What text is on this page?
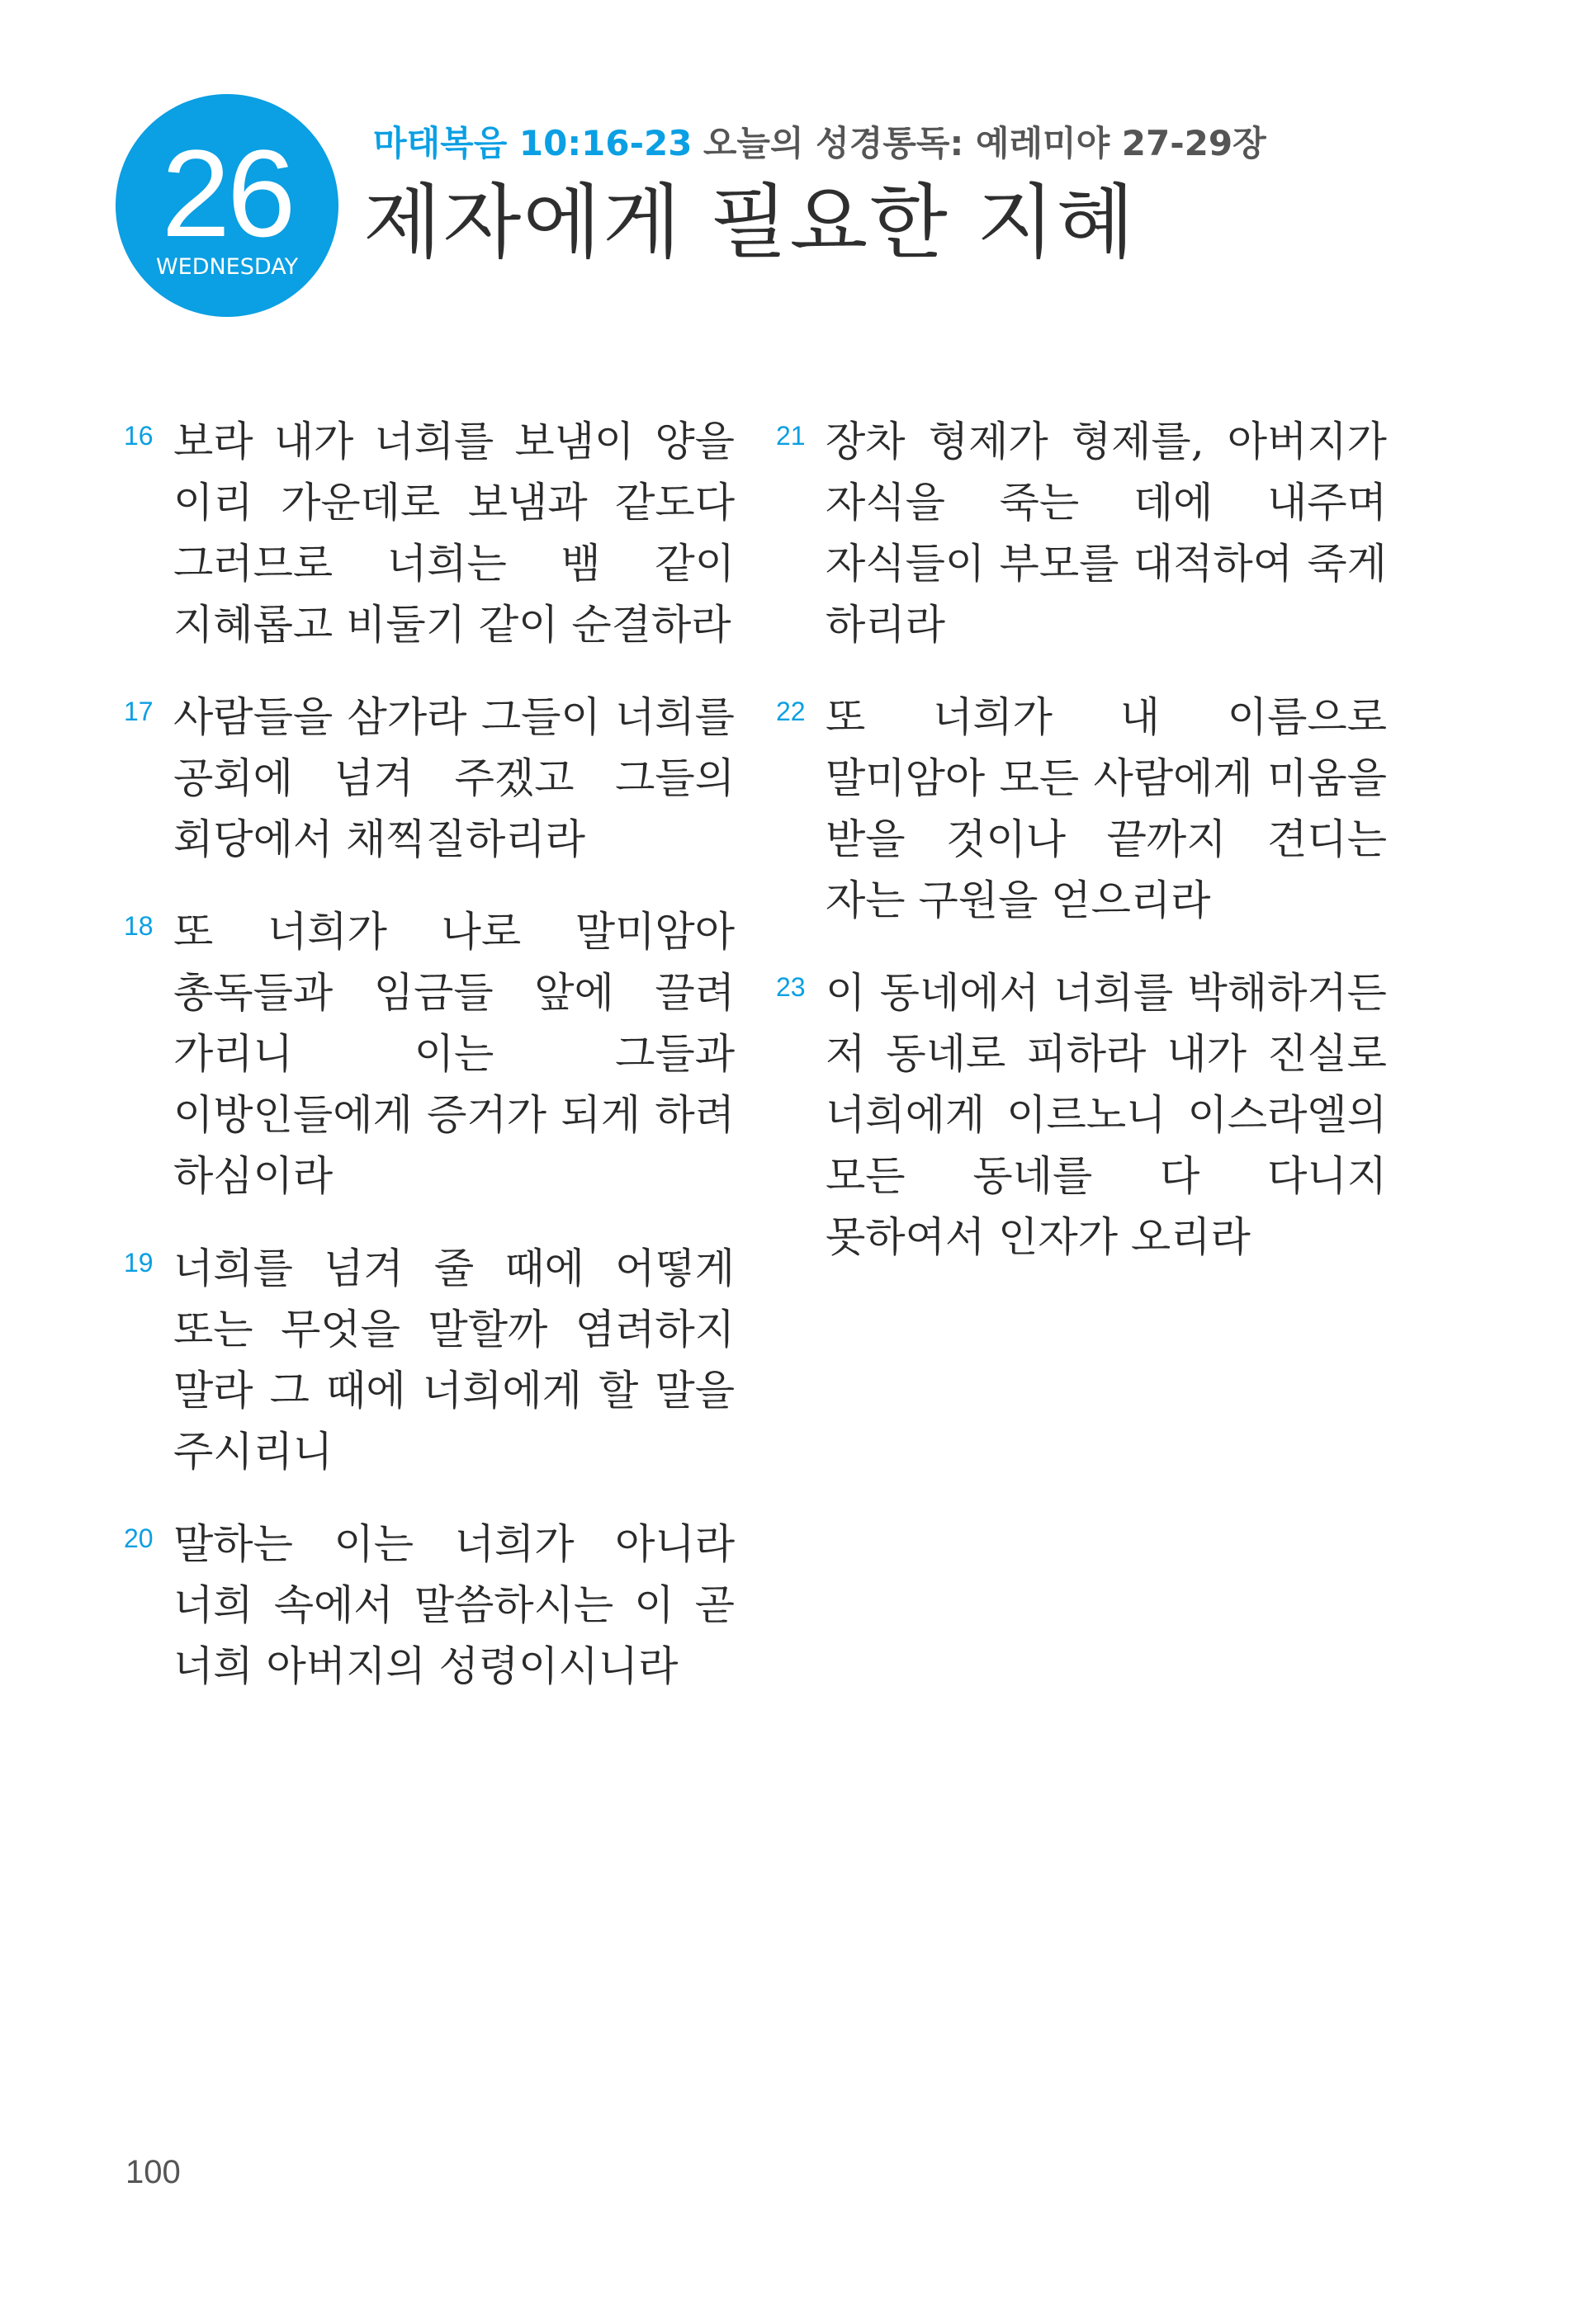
26
WEDNESDAY
마태복음 10:16-23 오늘의 성경통독: 예레미야 27-29장
제자에게 필요한 지혜
16 보라 내가 너희를 보냄이 양을 이리 가운데로 보냄과 같도다 그러므로 너희는 뱀 같이 지혜롭고 비둘기 같이 순결하라
17 사람들을 삼가라 그들이 너희를 공회에 넘겨 주겠고 그들의 회당에서 채찍질하리라
18 또 너희가 나로 말미암아 총독들과 임금들 앞에 끌려 가리니 이는 그들과 이방인들에게 증거가 되게 하려 하심이라
19 너희를 넘겨 줄 때에 어떻게 또는 무엇을 말할까 염려하지 말라 그 때에 너희에게 할 말을 주시리니
20 말하는 이는 너희가 아니라 너희 속에서 말씀하시는 이 곧 너희 아버지의 성령이시니라
21 장차 형제가 형제를, 아버지가 자식을 죽는 데에 내주며 자식들이 부모를 대적하여 죽게 하리라
22 또 너희가 내 이름으로 말미암아 모든 사람에게 미움을 받을 것이나 끝까지 견디는 자는 구원을 얻으리라
23 이 동네에서 너희를 박해하거든 저 동네로 피하라 내가 진실로 너희에게 이르노니 이스라엘의 모든 동네를 다 다니지 못하여서 인자가 오리라
100
